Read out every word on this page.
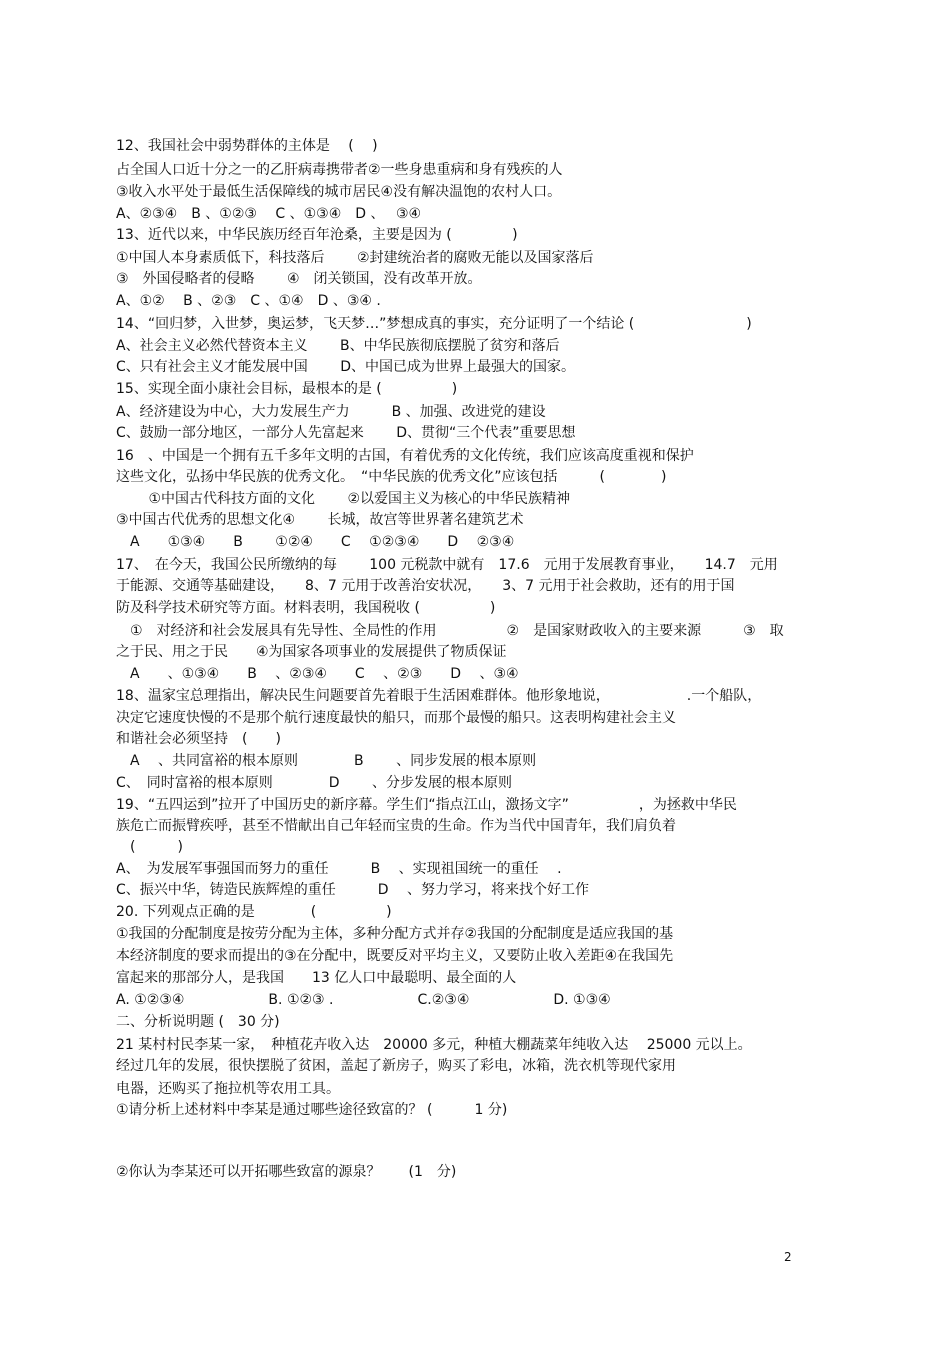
12、我国社会中弱势群体的主体是　 (　 )
占全国人口近十分之一的乙肝病毒携带者②一些身患重病和身有残疾的人
③收入水平处于最低生活保障线的城市居民④没有解决温饱的农村人口。
A、②③④　B 、①②③　 C 、①③④　D 、　 ③④
13、近代以来，中华民族历经百年沧桑，主要是因为 (　　　　 )
①中国人本身素质低下，科技落后　　 ②封建统治者的腐败无能以及国家落后
③　外国侵略者的侵略　　 ④　闭关锁国，没有改革开放。
A、①②　 B 、②③　C 、①④　D 、③④ .
14、“回归梦，入世梦，奥运梦，飞天梦…”梦想成真的事实，充分证明了一个结论 (　　　　　　　　)
A、社会主义必然代替资本主义　　 B、中华民族彻底摆脱了贫穷和落后
C、只有社会主义才能发展中国　　 D、中国已成为世界上最强大的国家。
15、实现全面小康社会目标，最根本的是 (　　　　　)
A、经济建设为中心，大力发展生产力　　　B 、加强、改进党的建设
C、鼓励一部分地区，一部分人先富起来　　 D、贯彻“三个代表”重要思想
16　、中国是一个拥有五千多年文明的古国，有着优秀的文化传统，我们应该高度重视和保护
这些文化，弘扬中华民族的优秀文化。　“中华民族的优秀文化”应该包括　　　(　　　　)
　　 ①中国古代科技方面的文化　　 ②以爱国主义为核心的中华民族精神
③中国古代优秀的思想文化④　　 长城，故宫等世界著名建筑艺术
　A　　①③④　　B　　 ①②④　　C　 ①②③④　　D　 ②③④
17、　在今天，我国公民所缴纳的每　　 100 元税款中就有　17.6　元用于发展教育事业，　　14.7　元用
于能源、交通等基础建设，　　8、7 元用于改善治安状况，　　3、7 元用于社会救助，还有的用于国
防及科学技术研究等方面。材料表明，我国税收 (　　　　　)
　①　对经济和社会发展具有先导性、全局性的作用　　　　　②　是国家财政收入的主要来源　　　③　取
之于民、用之于民　　④为国家各项事业的发展提供了物质保证
　A　　、①③④　　B　 、②③④　　C　 、②③　　D　 、③④
18、温家宝总理指出，解决民生问题要首先着眼于生活困难群体。他形象地说，　　　　　　.一个船队，
决定它速度快慢的不是那个航行速度最快的船只，而那个最慢的船只。这表明构建社会主义
和谐社会必须坚持　(　　)
　A　 、共同富裕的根本原则　　　　B　　 、同步发展的根本原则
C、　同时富裕的根本原则　　　　D　　 、分步发展的根本原则
19、“五四运到”拉开了中国历史的新序幕。学生们“指点江山，激扬文字”　　　　　，为拯救中华民
族危亡而振臂疾呼，甚至不惜献出自己年轻而宝贵的生命。作为当代中国青年，我们肩负着
　(　　　)
A、　为发展军事强国而努力的重任　　　B　 、实现祖国统一的重任　 .
C、振兴中华，铸造民族辉煌的重任　　　D　 、努力学习，将来找个好工作
20. 下列观点正确的是　　　　(　　　　　)
①我国的分配制度是按劳分配为主体，多种分配方式并存②我国的分配制度是适应我国的基
本经济制度的要求而提出的③在分配中，既要反对平均主义，又要防止收入差距④在我国先
富起来的那部分人，是我国　　13 亿人口中最聪明、最全面的人
A. ①②③④　　　　　　B. ①②③ .　　　　　　C.②③④　　　　　　D. ①③④
二、分析说明题 (　30 分)
21 某村村民李某一家，　种植花卉收入达　20000 多元，种植大棚蔬菜年纯收入达　 25000 元以上。
经过几年的发展，很快摆脱了贫困，盖起了新房子，购买了彩电，冰箱，洗衣机等现代家用
电器，还购买了拖拉机等农用工具。
①请分析上述材料中李某是通过哪些途径致富的？ (　　　1 分)
②你认为李某还可以开拓哪些致富的源泉？　　(1　分)
2
